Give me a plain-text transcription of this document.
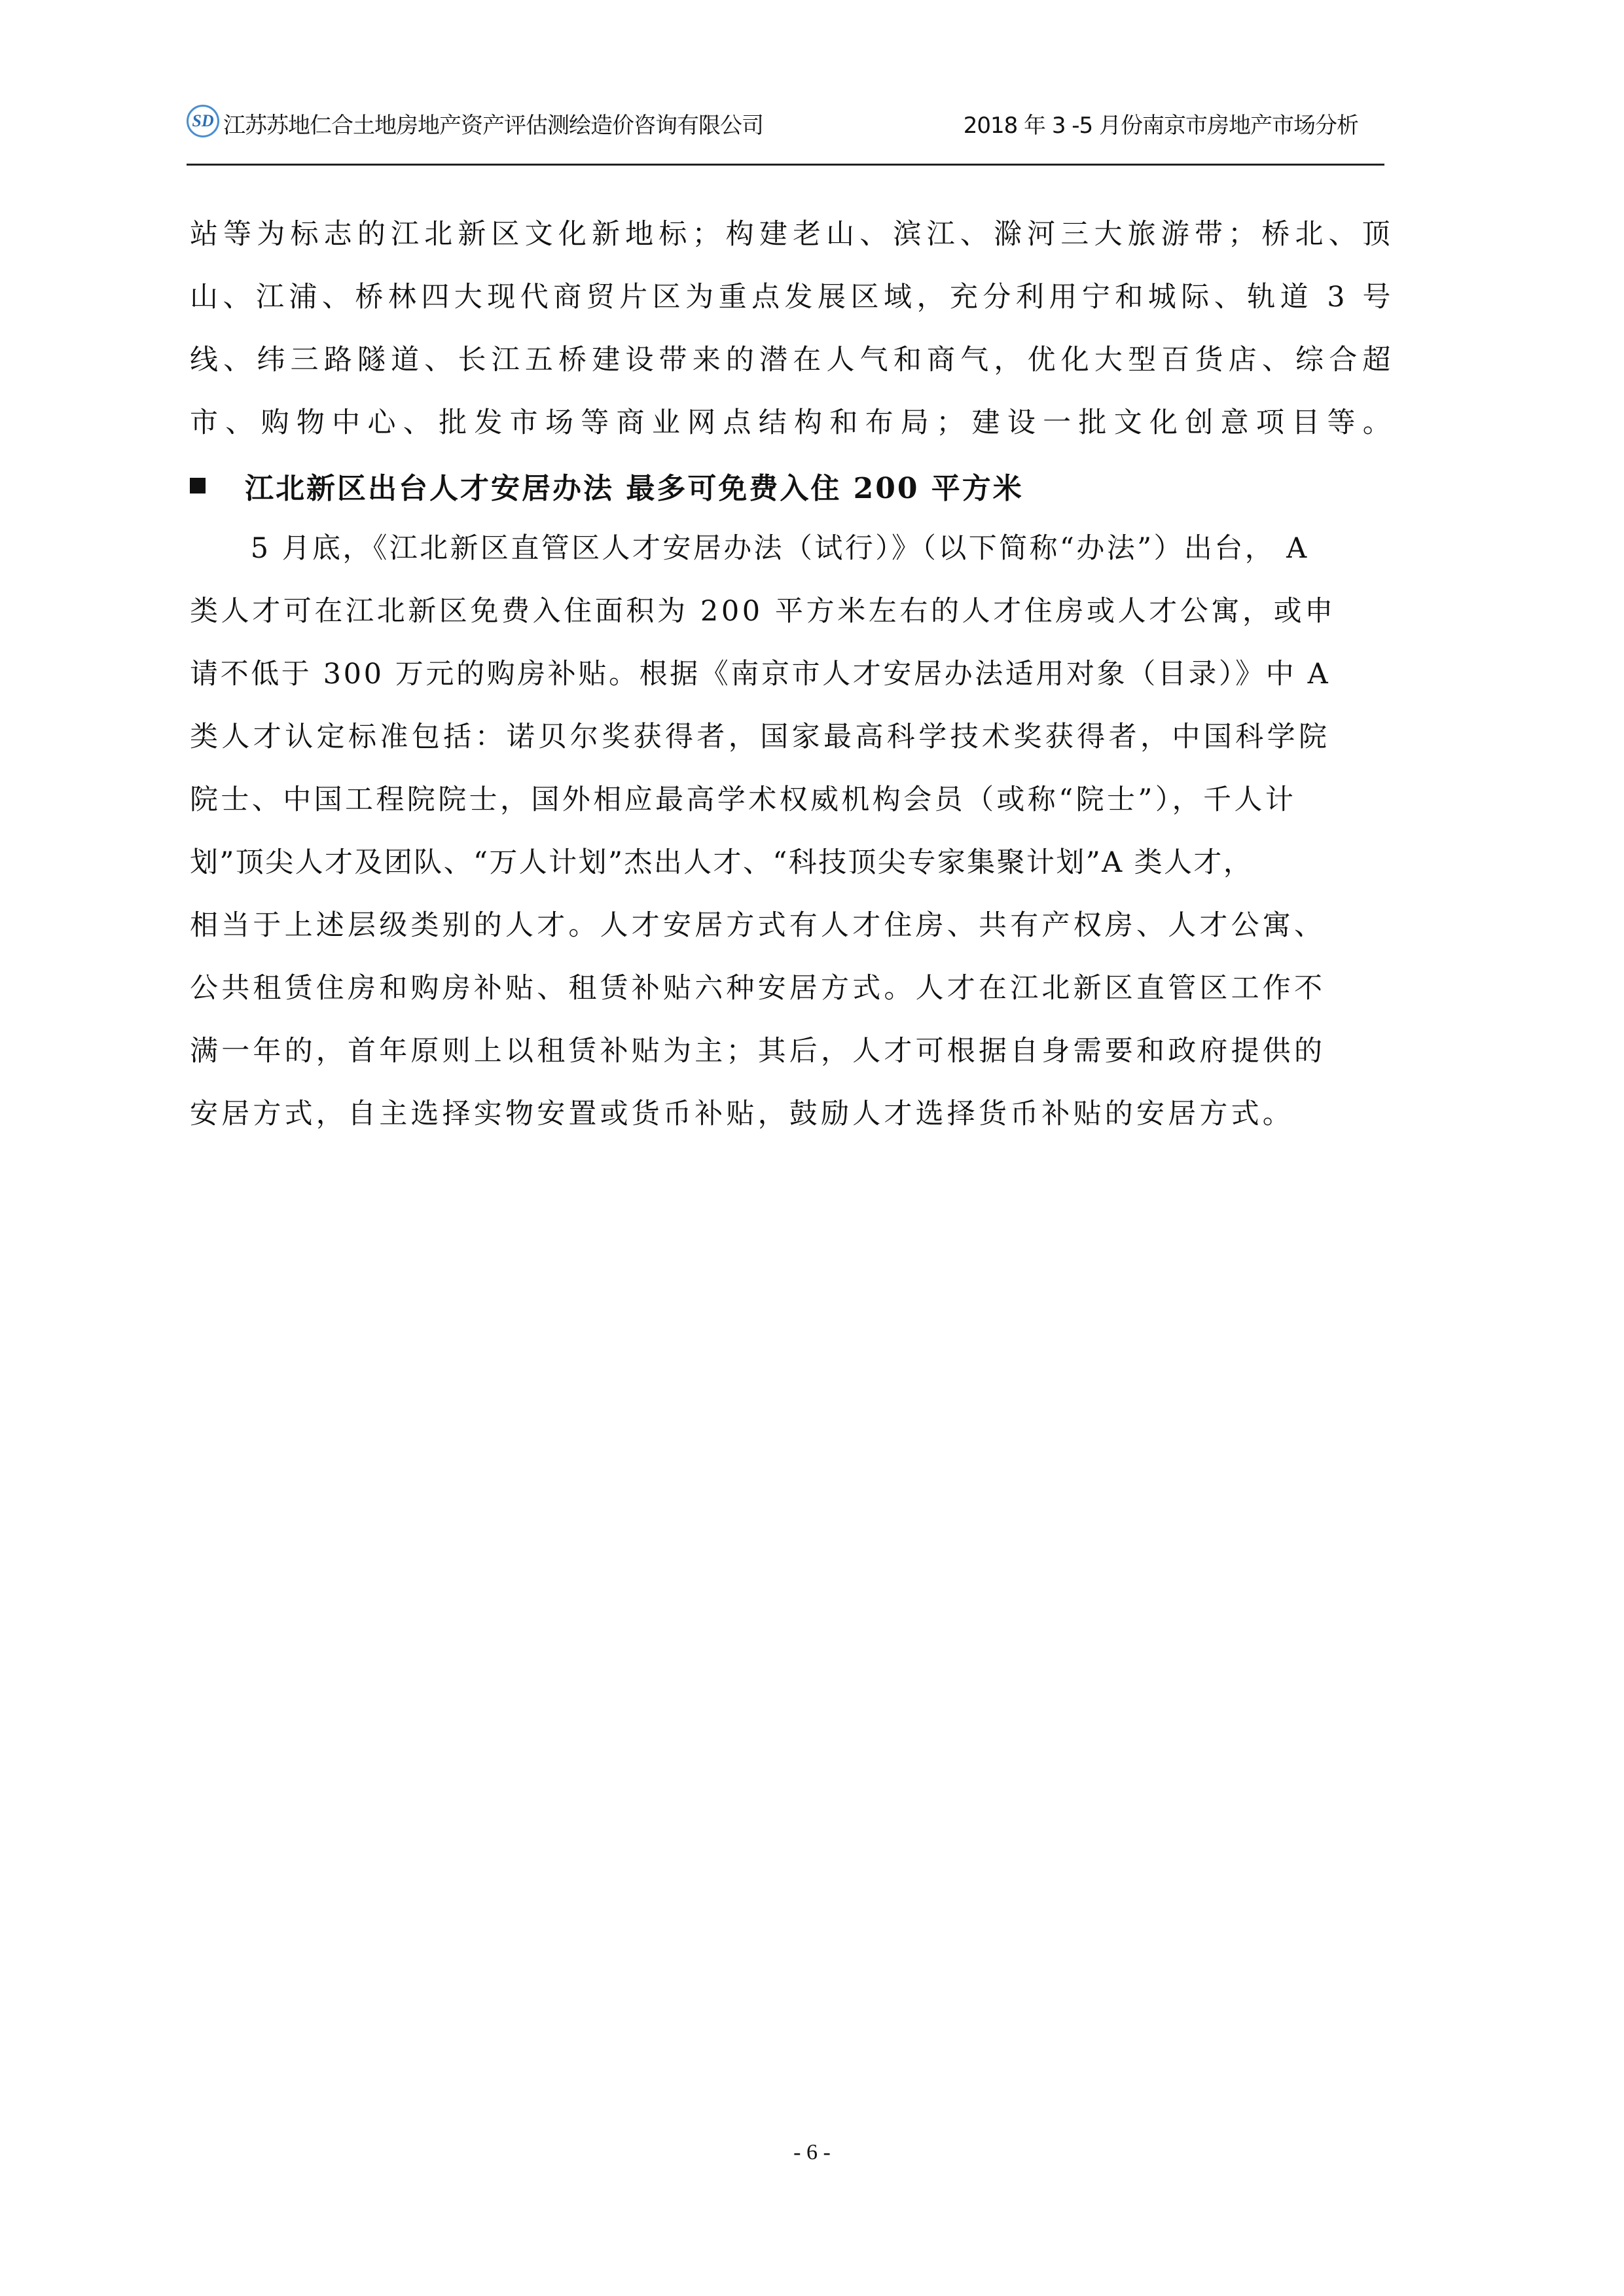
SD 江苏苏地仁合土地房地产资产评估测绘造价咨询有限公司	2018 年 3 -5 月份南京市房地产市场分析
站等为标志的江北新区文化新地标；构建老山、滨江、滁河三大旅游带；桥北、顶
山、江浦、桥林四大现代商贸片区为重点发展区域，充分利用宁和城际、轨道 3 号
线、纬三路隧道、长江五桥建设带来的潜在人气和商气，优化大型百货店、综合超
市、购物中心、批发市场等商业网点结构和布局；建设一批文化创意项目等。
江北新区出台人才安居办法 最多可免费入住 200 平方米
　　5 月底，《江北新区直管区人才安居办法（试行）》（以下简称“办法”）出台， A
类人才可在江北新区免费入住面积为 200 平方米左右的人才住房或人才公寓，或申
请不低于 300 万元的购房补贴。根据《南京市人才安居办法适用对象（目录）》中 A
类人才认定标准包括：诺贝尔奖获得者，国家最高科学技术奖获得者，中国科学院
院士、中国工程院院士，国外相应最高学术权威机构会员（或称“院士”），千人计
划”顶尖人才及团队、“万人计划”杰出人才、“科技顶尖专家集聚计划”A 类人才，
相当于上述层级类别的人才。人才安居方式有人才住房、共有产权房、人才公寓、
公共租赁住房和购房补贴、租赁补贴六种安居方式。人才在江北新区直管区工作不
满一年的，首年原则上以租赁补贴为主；其后，人才可根据自身需要和政府提供的
安居方式，自主选择实物安置或货币补贴，鼓励人才选择货币补贴的安居方式。
- 6 -
